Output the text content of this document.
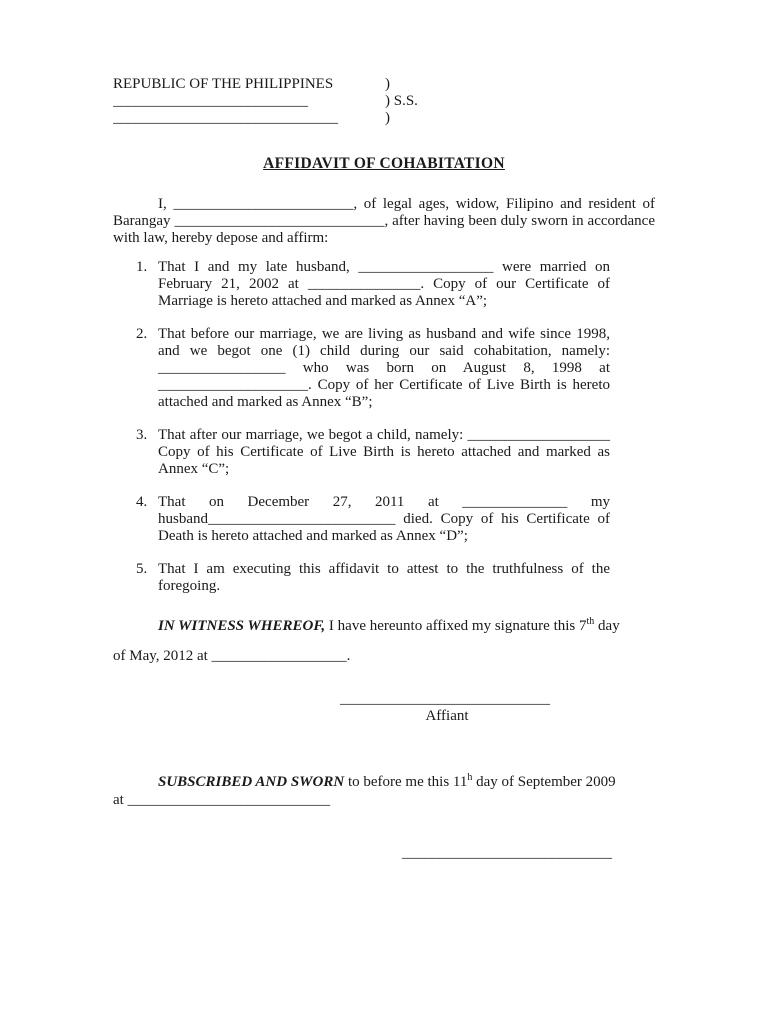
REPUBLIC OF THE PHILIPPINES	)
__________________________	) S.S.
______________________________	)
AFFIDAVIT OF COHABITATION

I, ________________________, of legal ages, widow, Filipino and resident of Barangay ____________________________, after having been duly sworn in accordance with law, hereby depose and affirm:

1. That I and my late husband, __________________ were married on February 21, 2002 at _______________. Copy of our Certificate of Marriage is hereto attached and marked as Annex “A”;
2. That before our marriage, we are living as husband and wife since 1998, and we begot one (1) child during our said cohabitation, namely: _________________ who was born on August 8, 1998 at ____________________. Copy of her Certificate of Live Birth is hereto attached and marked as Annex “B”;
3. That after our marriage, we begot a child, namely: ___________________ Copy of his Certificate of Live Birth is hereto attached and marked as Annex “C”;
4. That on December 27, 2011 at ______________ my husband_________________________ died. Copy of his Certificate of Death is hereto attached and marked as Annex “D”;
5. That I am executing this affidavit to attest to the truthfulness of the foregoing.

IN WITNESS WHEREOF, I have hereunto affixed my signature this 7th day
of May, 2012 at __________________.

____________________________
Affiant

SUBSCRIBED AND SWORN to before me this 11$^h$ day of September 2009
at ___________________________

____________________________
